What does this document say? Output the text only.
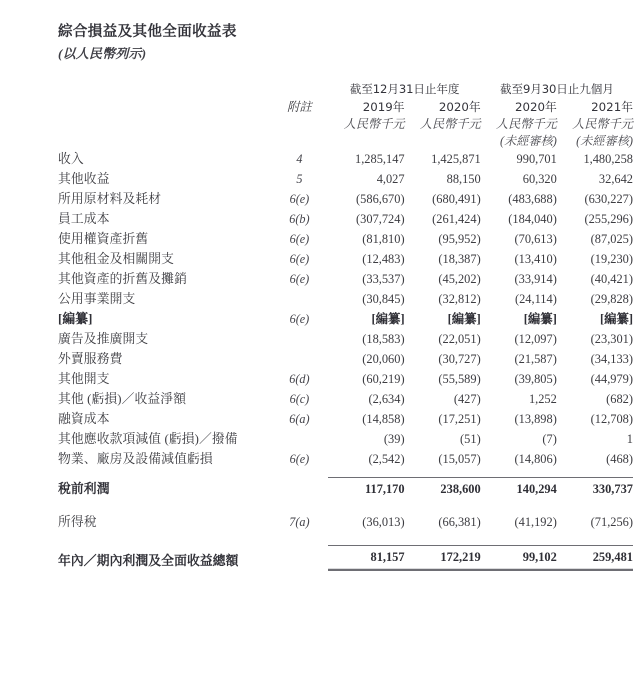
綜合損益及其他全面收益表

(以人民幣列示)

		截至12月31日止年度		截至9月30日止九個月	
	附註	2019年	2020年	2020年	2021年
		人民幣千元	人民幣千元	人民幣千元	人民幣千元
				(未經審核)	(未經審核)
收入	4	1,285,147	1,425,871	990,701	1,480,258
其他收益	5	4,027	88,150	60,320	32,642
所用原材料及耗材	6(e)	(586,670)	(680,491)	(483,688)	(630,227)
員工成本	6(b)	(307,724)	(261,424)	(184,040)	(255,296)
使用權資產折舊	6(e)	(81,810)	(95,952)	(70,613)	(87,025)
其他租金及相關開支	6(e)	(12,483)	(18,387)	(13,410)	(19,230)
其他資產的折舊及攤銷	6(e)	(33,537)	(45,202)	(33,914)	(40,421)
公用事業開支		(30,845)	(32,812)	(24,114)	(29,828)
[編纂]	6(e)	[編纂]	[編纂]	[編纂]	[編纂]
廣告及推廣開支		(18,583)	(22,051)	(12,097)	(23,301)
外賣服務費		(20,060)	(30,727)	(21,587)	(34,133)
其他開支	6(d)	(60,219)	(55,589)	(39,805)	(44,979)
其他 (虧損)／收益淨額	6(c)	(2,634)	(427)	1,252	(682)
融資成本	6(a)	(14,858)	(17,251)	(13,898)	(12,708)
其他應收款項減值 (虧損)／撥備		(39)	(51)	(7)	1
物業、廠房及設備減值虧損	6(e)	(2,542)	(15,057)	(14,806)	(468)

稅前利潤		117,170	238,600	140,294	330,737

所得稅	7(a)	(36,013)	(66,381)	(41,192)	(71,256)

年內／期內利潤及全面收益總額		81,157	172,219	99,102	259,481
